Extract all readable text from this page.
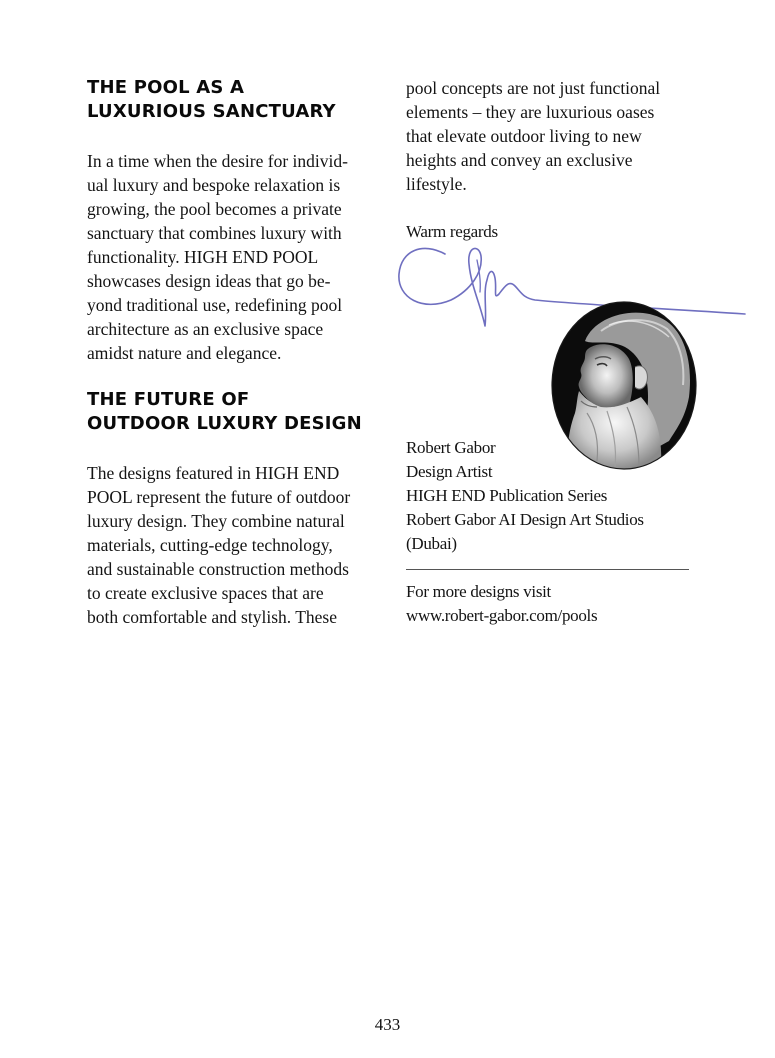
THE POOL AS A
LUXURIOUS SANCTUARY
In a time when the desire for individ-
ual luxury and bespoke relaxation is
growing, the pool becomes a private
sanctuary that combines luxury with
functionality. HIGH END POOL
showcases design ideas that go be-
yond traditional use, redefining pool
architecture as an exclusive space
amidst nature and elegance.
THE FUTURE OF
OUTDOOR LUXURY DESIGN
The designs featured in HIGH END
POOL represent the future of outdoor
luxury design. They combine natural
materials, cutting-edge technology,
and sustainable construction methods
to create exclusive spaces that are
both comfortable and stylish. These
pool concepts are not just functional
elements – they are luxurious oases
that elevate outdoor living to new
heights and convey an exclusive
lifestyle.
Warm regards
Robert Gabor
Design Artist
HIGH END Publication Series
Robert Gabor AI Design Art Studios
(Dubai)
For more designs visit
www.robert-gabor.com/pools
433
